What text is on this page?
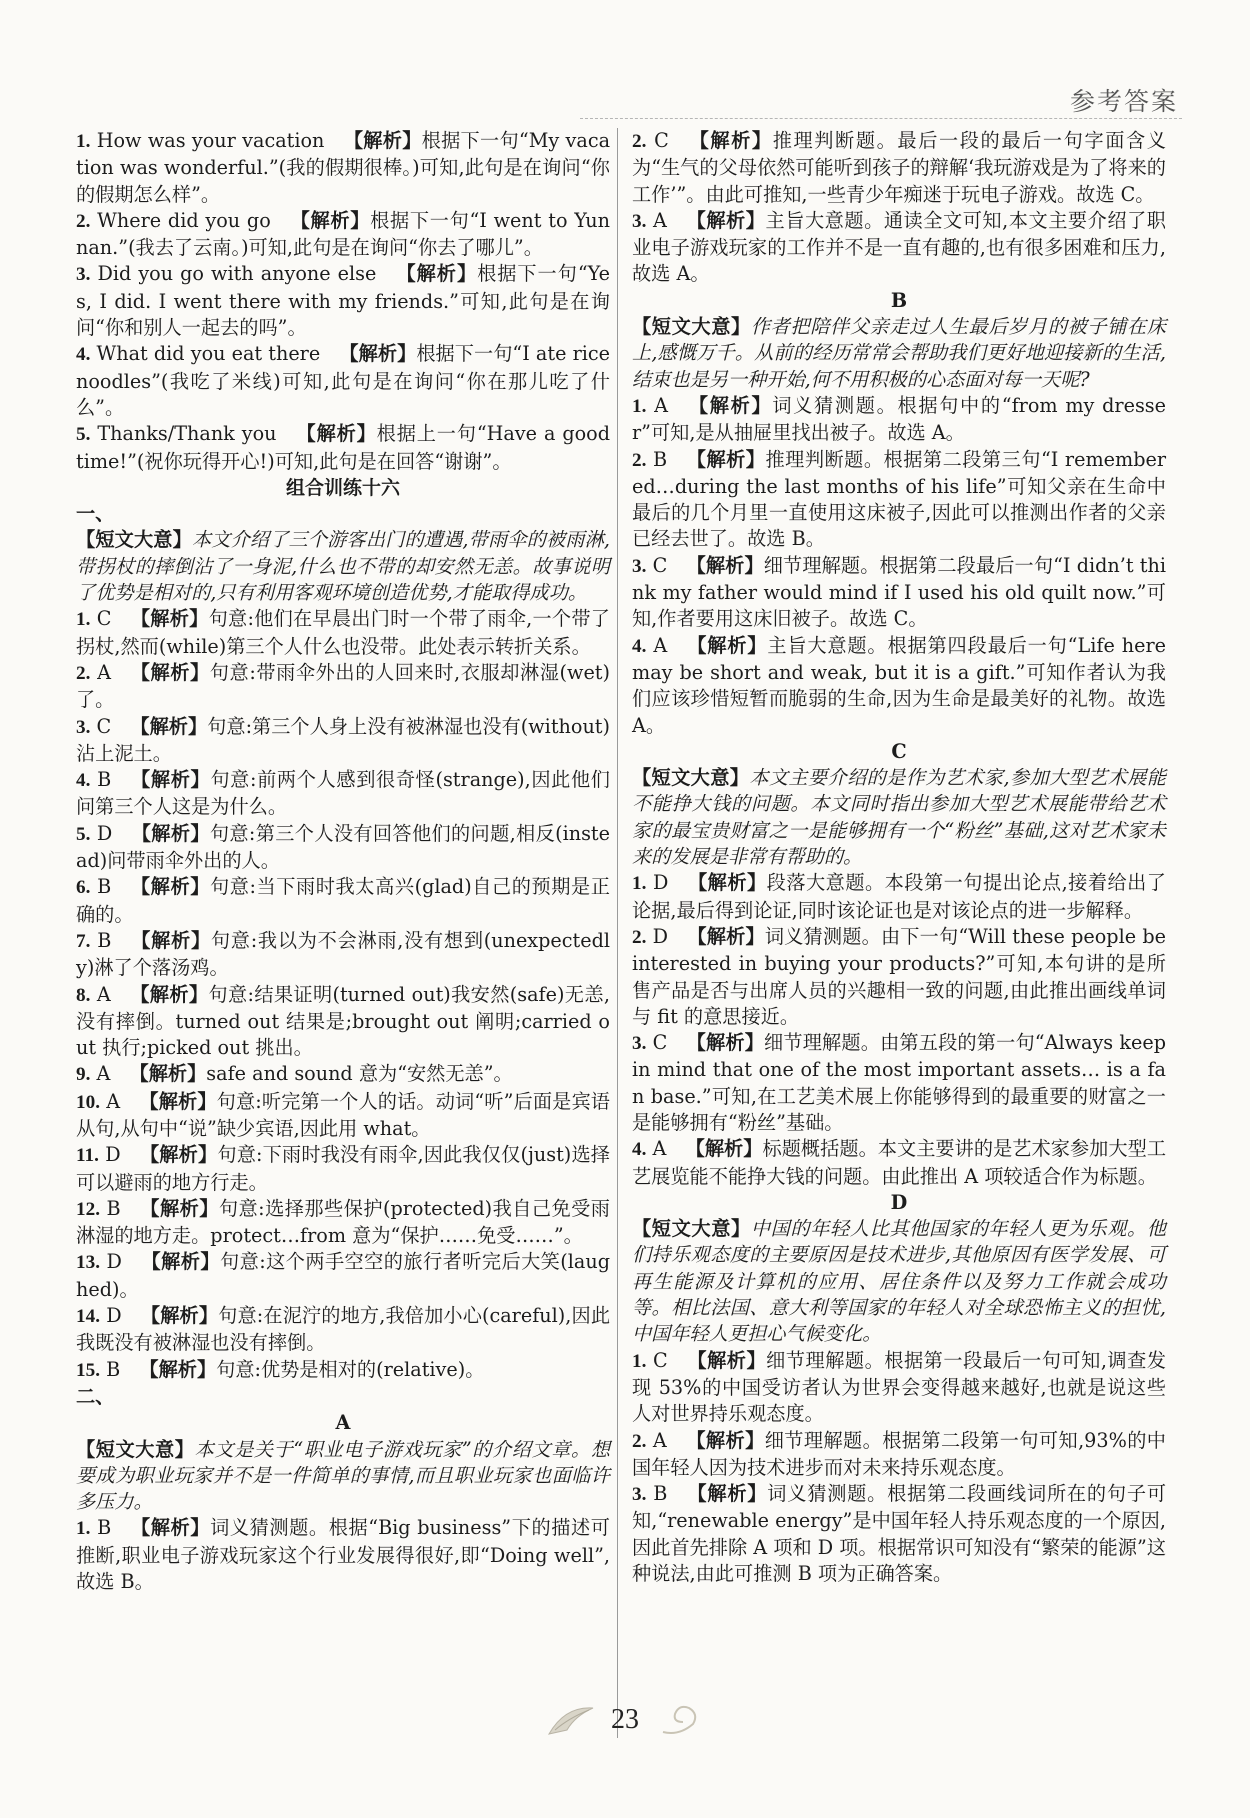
参考答案
1. How was your vacation  【解析】根据下一句“My vacation was wonderful.”(我的假期很棒。)可知,此句是在询问“你的假期怎么样”。
2. Where did you go  【解析】根据下一句“I went to Yunnan.”(我去了云南。)可知,此句是在询问“你去了哪儿”。
3. Did you go with anyone else  【解析】根据下一句“Yes, I did. I went there with my friends.”可知,此句是在询问“你和别人一起去的吗”。
4. What did you eat there  【解析】根据下一句“I ate rice noodles”(我吃了米线)可知,此句是在询问“你在那儿吃了什么”。
5. Thanks/Thank you  【解析】根据上一句“Have a good time!”(祝你玩得开心!)可知,此句是在回答“谢谢”。
组合训练十六
一、
【短文大意】本文介绍了三个游客出门的遭遇,带雨伞的被雨淋,带拐杖的摔倒沾了一身泥,什么也不带的却安然无恙。故事说明了优势是相对的,只有利用客观环境创造优势,才能取得成功。
1. C  【解析】句意:他们在早晨出门时一个带了雨伞,一个带了拐杖,然而(while)第三个人什么也没带。此处表示转折关系。
2. A  【解析】句意:带雨伞外出的人回来时,衣服却淋湿(wet)了。
3. C  【解析】句意:第三个人身上没有被淋湿也没有(without)沾上泥土。
4. B  【解析】句意:前两个人感到很奇怪(strange),因此他们问第三个人这是为什么。
5. D  【解析】句意:第三个人没有回答他们的问题,相反(instead)问带雨伞外出的人。
6. B  【解析】句意:当下雨时我太高兴(glad)自己的预期是正确的。
7. B  【解析】句意:我以为不会淋雨,没有想到(unexpectedly)淋了个落汤鸡。
8. A  【解析】句意:结果证明(turned out)我安然(safe)无恙,没有摔倒。turned out 结果是;brought out 阐明;carried out 执行;picked out 挑出。
9. A  【解析】safe and sound 意为“安然无恙”。
10. A  【解析】句意:听完第一个人的话。动词“听”后面是宾语从句,从句中“说”缺少宾语,因此用 what。
11. D  【解析】句意:下雨时我没有雨伞,因此我仅仅(just)选择可以避雨的地方行走。
12. B  【解析】句意:选择那些保护(protected)我自己免受雨淋湿的地方走。protect…from 意为“保护……免受……”。
13. D  【解析】句意:这个两手空空的旅行者听完后大笑(laughed)。
14. D  【解析】句意:在泥泞的地方,我倍加小心(careful),因此我既没有被淋湿也没有摔倒。
15. B  【解析】句意:优势是相对的(relative)。
二、
A
【短文大意】本文是关于“职业电子游戏玩家”的介绍文章。想要成为职业玩家并不是一件简单的事情,而且职业玩家也面临许多压力。
1. B  【解析】词义猜测题。根据“Big business”下的描述可推断,职业电子游戏玩家这个行业发展得很好,即“Doing well”,故选 B。
2. C  【解析】推理判断题。最后一段的最后一句字面含义为“生气的父母依然可能听到孩子的辩解‘我玩游戏是为了将来的工作’”。由此可推知,一些青少年痴迷于玩电子游戏。故选 C。
3. A  【解析】主旨大意题。通读全文可知,本文主要介绍了职业电子游戏玩家的工作并不是一直有趣的,也有很多困难和压力,故选 A。
B
【短文大意】作者把陪伴父亲走过人生最后岁月的被子铺在床上,感慨万千。从前的经历常常会帮助我们更好地迎接新的生活,结束也是另一种开始,何不用积极的心态面对每一天呢?
1. A  【解析】词义猜测题。根据句中的“from my dresser”可知,是从抽屉里找出被子。故选 A。
2. B  【解析】推理判断题。根据第二段第三句“I remembered…during the last months of his life”可知父亲在生命中最后的几个月里一直使用这床被子,因此可以推测出作者的父亲已经去世了。故选 B。
3. C  【解析】细节理解题。根据第二段最后一句“I didn’t think my father would mind if I used his old quilt now.”可知,作者要用这床旧被子。故选 C。
4. A  【解析】主旨大意题。根据第四段最后一句“Life here may be short and weak, but it is a gift.”可知作者认为我们应该珍惜短暂而脆弱的生命,因为生命是最美好的礼物。故选 A。
C
【短文大意】本文主要介绍的是作为艺术家,参加大型艺术展能不能挣大钱的问题。本文同时指出参加大型艺术展能带给艺术家的最宝贵财富之一是能够拥有一个“粉丝”基础,这对艺术家未来的发展是非常有帮助的。
1. D  【解析】段落大意题。本段第一句提出论点,接着给出了论据,最后得到论证,同时该论证也是对该论点的进一步解释。
2. D  【解析】词义猜测题。由下一句“Will these people be interested in buying your products?”可知,本句讲的是所售产品是否与出席人员的兴趣相一致的问题,由此推出画线单词与 fit 的意思接近。
3. C  【解析】细节理解题。由第五段的第一句“Always keep in mind that one of the most important assets… is a fan base.”可知,在工艺美术展上你能够得到的最重要的财富之一是能够拥有“粉丝”基础。
4. A  【解析】标题概括题。本文主要讲的是艺术家参加大型工艺展览能不能挣大钱的问题。由此推出 A 项较适合作为标题。
D
【短文大意】中国的年轻人比其他国家的年轻人更为乐观。他们持乐观态度的主要原因是技术进步,其他原因有医学发展、可再生能源及计算机的应用、居住条件以及努力工作就会成功等。相比法国、意大利等国家的年轻人对全球恐怖主义的担忧,中国年轻人更担心气候变化。
1. C  【解析】细节理解题。根据第一段最后一句可知,调查发现 53%的中国受访者认为世界会变得越来越好,也就是说这些人对世界持乐观态度。
2. A  【解析】细节理解题。根据第二段第一句可知,93%的中国年轻人因为技术进步而对未来持乐观态度。
3. B  【解析】词义猜测题。根据第二段画线词所在的句子可知,“renewable energy”是中国年轻人持乐观态度的一个原因,因此首先排除 A 项和 D 项。根据常识可知没有“繁荣的能源”这种说法,由此可推测 B 项为正确答案。
23
